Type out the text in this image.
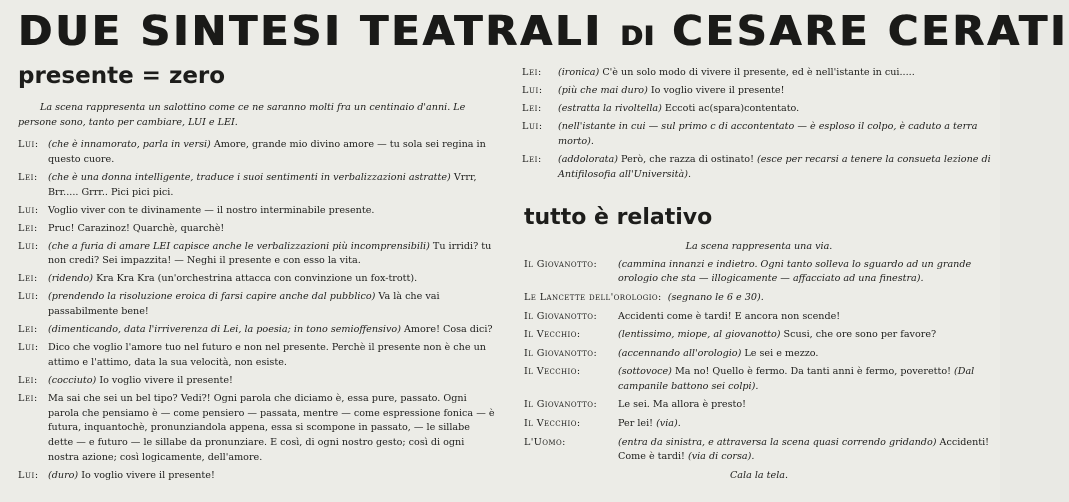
DUE SINTESI TEATRALI DI CESARE CERATI
presente = zero

La scena rappresenta un salottino come ce ne saranno molti fra un centinaio d'anni. Le persone sono, tanto per cambiare, LUI e LEI.

Lui: (che è innamorato, parla in versi) Amore, grande mio divino amore — tu sola sei regina in questo cuore.
Lei:	(che è una donna intelligente, traduce i suoi sentimenti in verbalizzazioni astratte) Vrrr, Brr..... Grrr.. Pici pici pici.
Lui: Voglio viver con te divinamente — il nostro interminabile presente.
Lei:	Pruc! Carazinoz! Quarchè, quarchè!
Lui: (che a furia di amare LEI capisce anche le verbalizzazioni più incomprensibili) Tu irridi? tu non credi? Sei impazzita! — Neghi il presente e con esso la vita.
Lei:	(ridendo) Kra Kra Kra (un'orchestrina attacca con convinzione un fox-trott).
Lui: (prendendo la risoluzione eroica di farsi capire anche dal pubblico) Va là che vai passabilmente bene!
Lei:	(dimenticando, data l'irriverenza di Lei, la poesia; in tono semioffensivo) Amore! Cosa dici?
Lui: Dico che voglio l'amore tuo nel futuro e non nel presente. Perchè il presente non è che un attimo e l'attimo, data la sua velocità, non esiste.
Lei:	(cocciuto) Io voglio vivere il presente!
Lei:	Ma sai che sei un bel tipo? Vedi?! Ogni parola che diciamo è, essa pure, passato. Ogni parola che pensiamo è — come pensiero — passata, mentre — come espressione fonica — è futura, inquantochè, pronunziandola appena, essa si scompone in passato, — le sillabe dette — e futuro — le sillabe da pronunziare. E così, di ogni nostro gesto; così di ogni nostra azione; così logicamente, dell'amore.
Lui: (duro) Io voglio vivere il presente!
Lei:	(ironica) C'è un solo modo di vivere il presente, ed è nell'istante in cui.....
Lui:	(più che mai duro) Io voglio vivere il presente!
Lei:	(estratta la rivoltella) Eccoti ac(spara)contentato.
Lui:	(nell'istante in cui — sul primo c di accontentato — è esploso il colpo, è caduto a terra morto).
Lei:	(addolorata) Però, che razza di ostinato! (esce per recarsi a tenere la consueta lezione di Antifilosofia all'Università).
tutto è relativo

La scena rappresenta una via.

Il Giovanotto:	(cammina innanzi e indietro. Ogni tanto solleva lo sguardo ad un grande orologio che sta — illogicamente — affacciato ad una finestra).
Le Lancette dell'orologio: (segnano le 6 e 30).
Il Giovanotto:	Accidenti come è tardi! E ancora non scende!
Il Vecchio:	(lentissimo, miope, al giovanotto) Scusi, che ore sono per favore?
Il Giovanotto:	(accennando all'orologio) Le sei e mezzo.
Il Vecchio:	(sottovoce) Ma no! Quello è fermo. Da tanti anni è fermo, poveretto! (Dal campanile battono sei colpi).
Il Giovanotto:	Le sei. Ma allora è presto!
Il Vecchio:	Per lei! (via).
L'Uomo:	(entra da sinistra, e attraversa la scena quasi correndo gridando) Accidenti! Come è tardi! (via di corsa).

Cala la tela.
